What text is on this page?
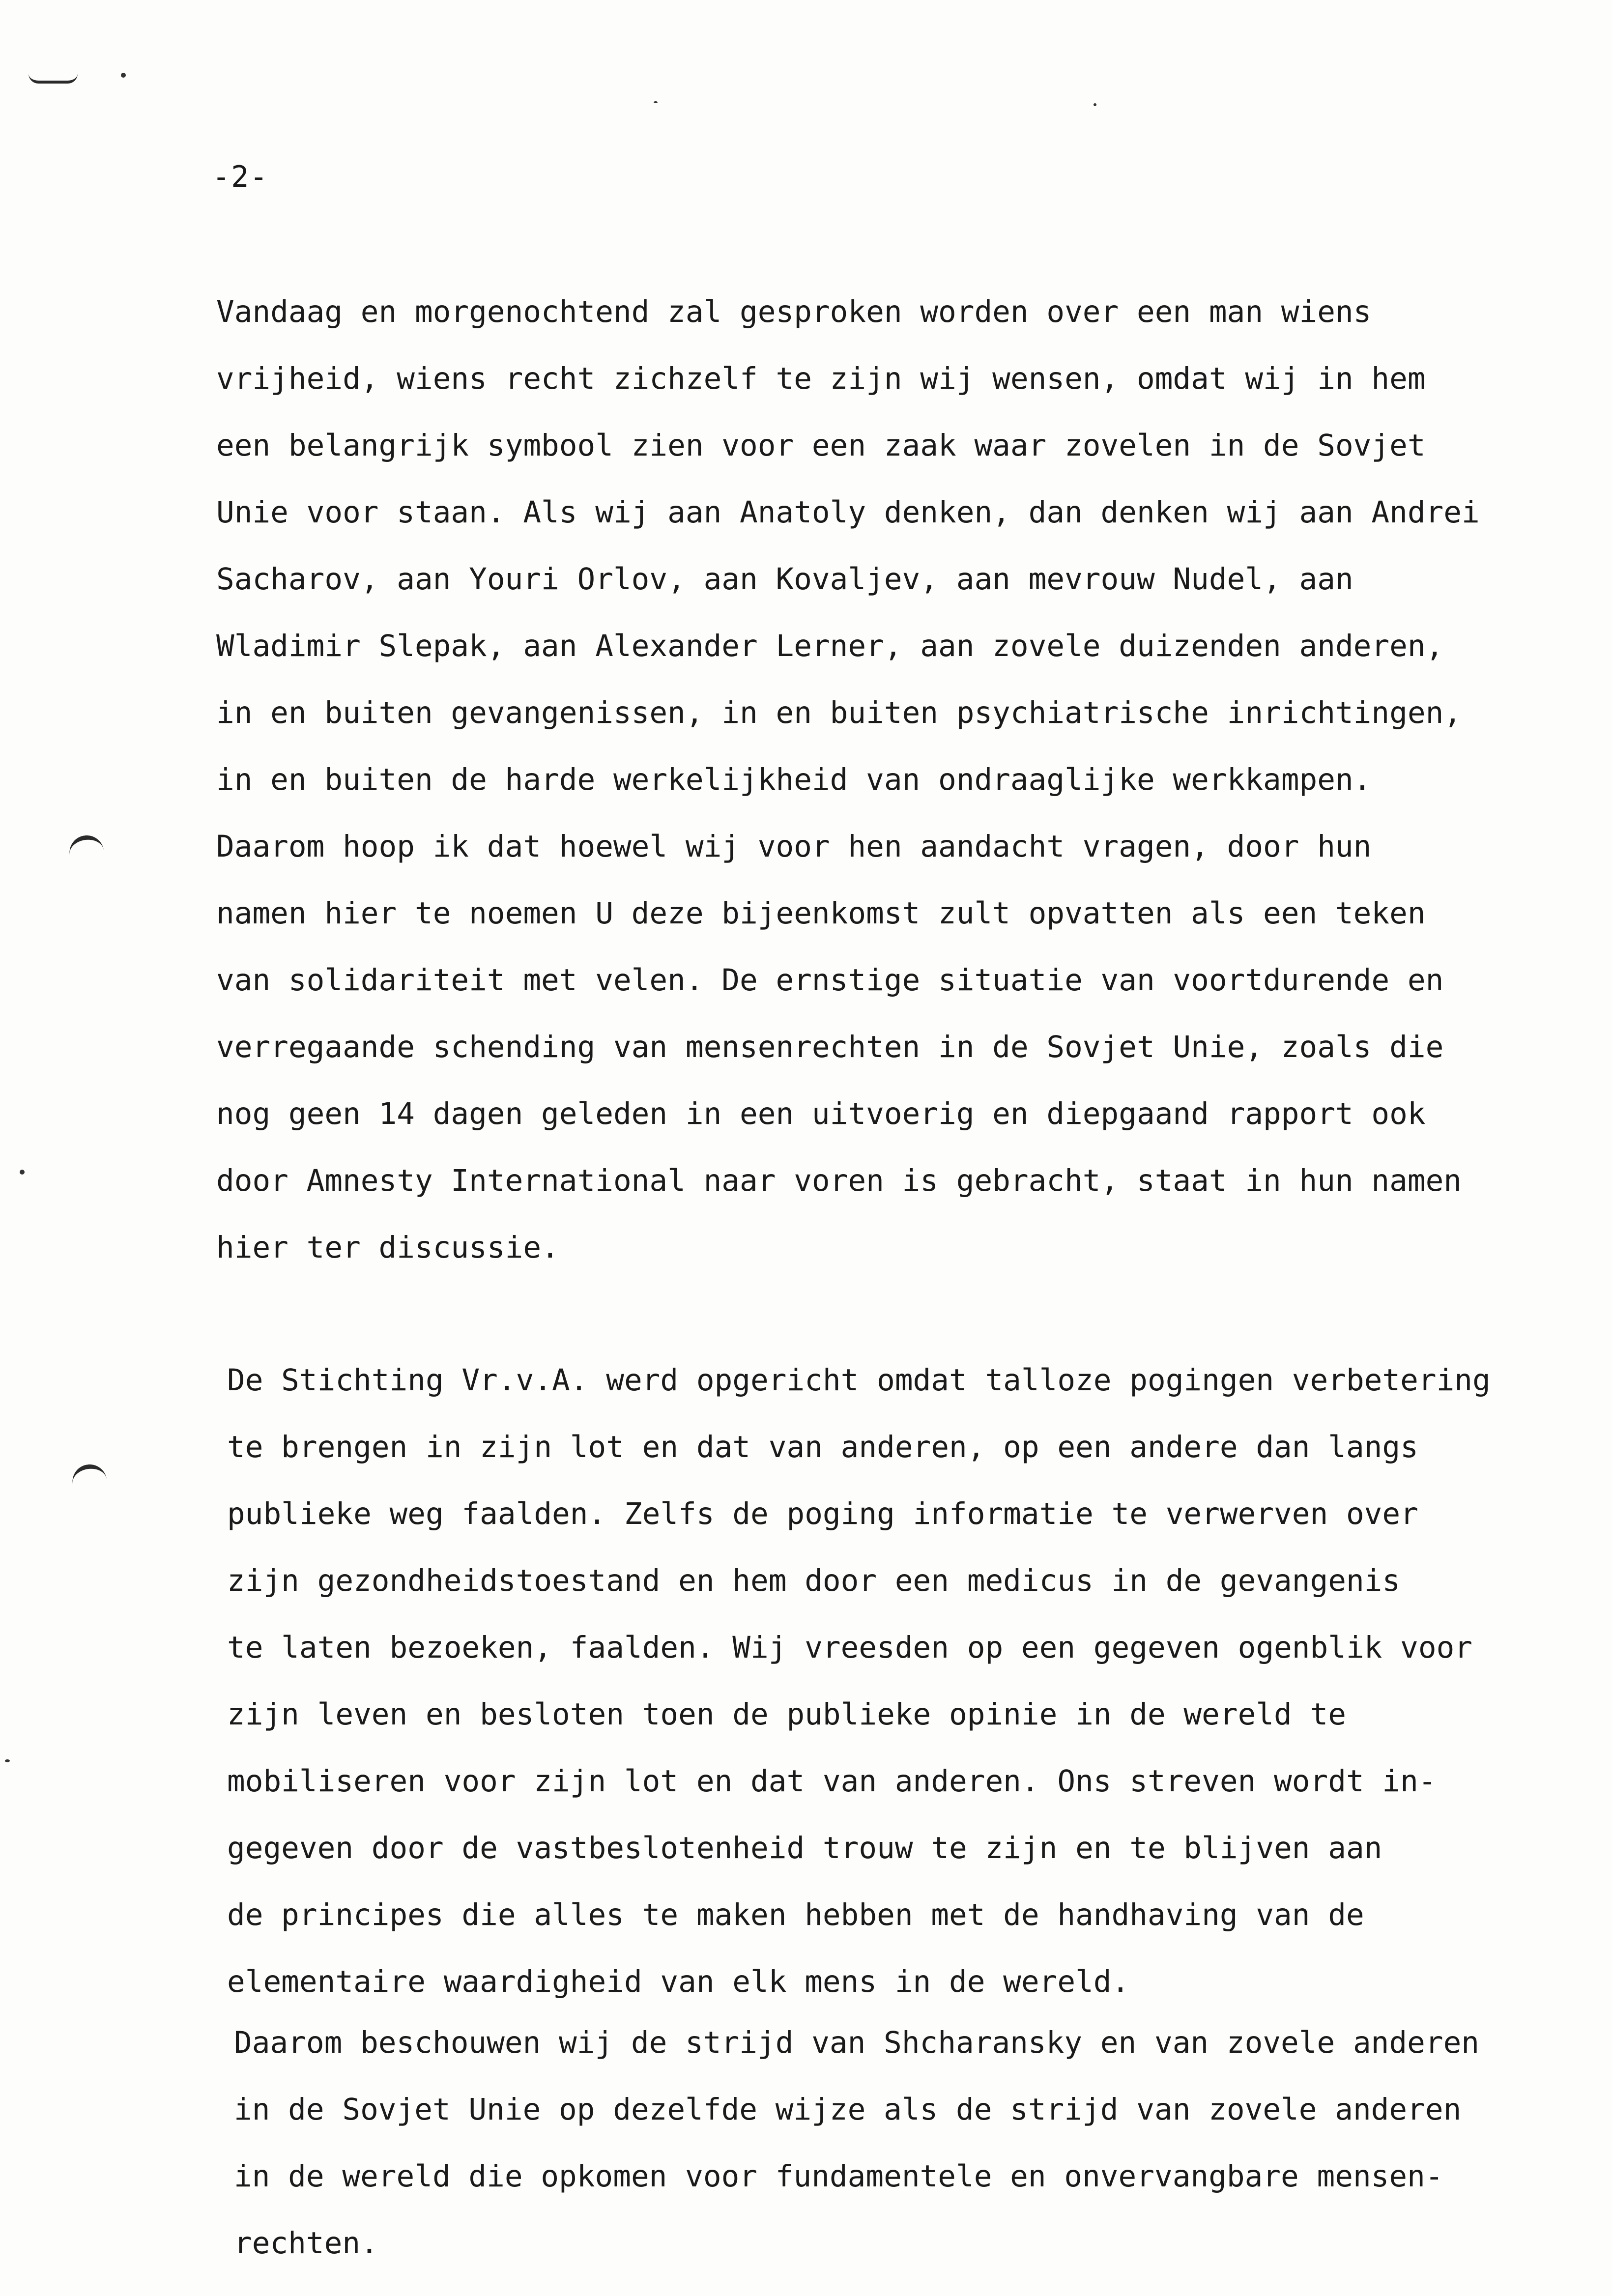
-2-
Vandaag en morgenochtend zal gesproken worden over een man wiens
vrijheid, wiens recht zichzelf te zijn wij wensen, omdat wij in hem
een belangrijk symbool zien voor een zaak waar zovelen in de Sovjet
Unie voor staan. Als wij aan Anatoly denken, dan denken wij aan Andrei
Sacharov, aan Youri Orlov, aan Kovaljev, aan mevrouw Nudel, aan
Wladimir Slepak, aan Alexander Lerner, aan zovele duizenden anderen,
in en buiten gevangenissen, in en buiten psychiatrische inrichtingen,
in en buiten de harde werkelijkheid van ondraaglijke werkkampen.
Daarom hoop ik dat hoewel wij voor hen aandacht vragen, door hun
namen hier te noemen U deze bijeenkomst zult opvatten als een teken
van solidariteit met velen. De ernstige situatie van voortdurende en
verregaande schending van mensenrechten in de Sovjet Unie, zoals die
nog geen 14 dagen geleden in een uitvoerig en diepgaand rapport ook
door Amnesty International naar voren is gebracht, staat in hun namen
hier ter discussie.
De Stichting Vr.v.A. werd opgericht omdat talloze pogingen verbetering
te brengen in zijn lot en dat van anderen, op een andere dan langs
publieke weg faalden. Zelfs de poging informatie te verwerven over
zijn gezondheidstoestand en hem door een medicus in de gevangenis
te laten bezoeken, faalden. Wij vreesden op een gegeven ogenblik voor
zijn leven en besloten toen de publieke opinie in de wereld te
mobiliseren voor zijn lot en dat van anderen. Ons streven wordt in-
gegeven door de vastbeslotenheid trouw te zijn en te blijven aan
de principes die alles te maken hebben met de handhaving van de
elementaire waardigheid van elk mens in de wereld.
Daarom beschouwen wij de strijd van Shcharansky en van zovele anderen
in de Sovjet Unie op dezelfde wijze als de strijd van zovele anderen
in de wereld die opkomen voor fundamentele en onvervangbare mensen-
rechten.
